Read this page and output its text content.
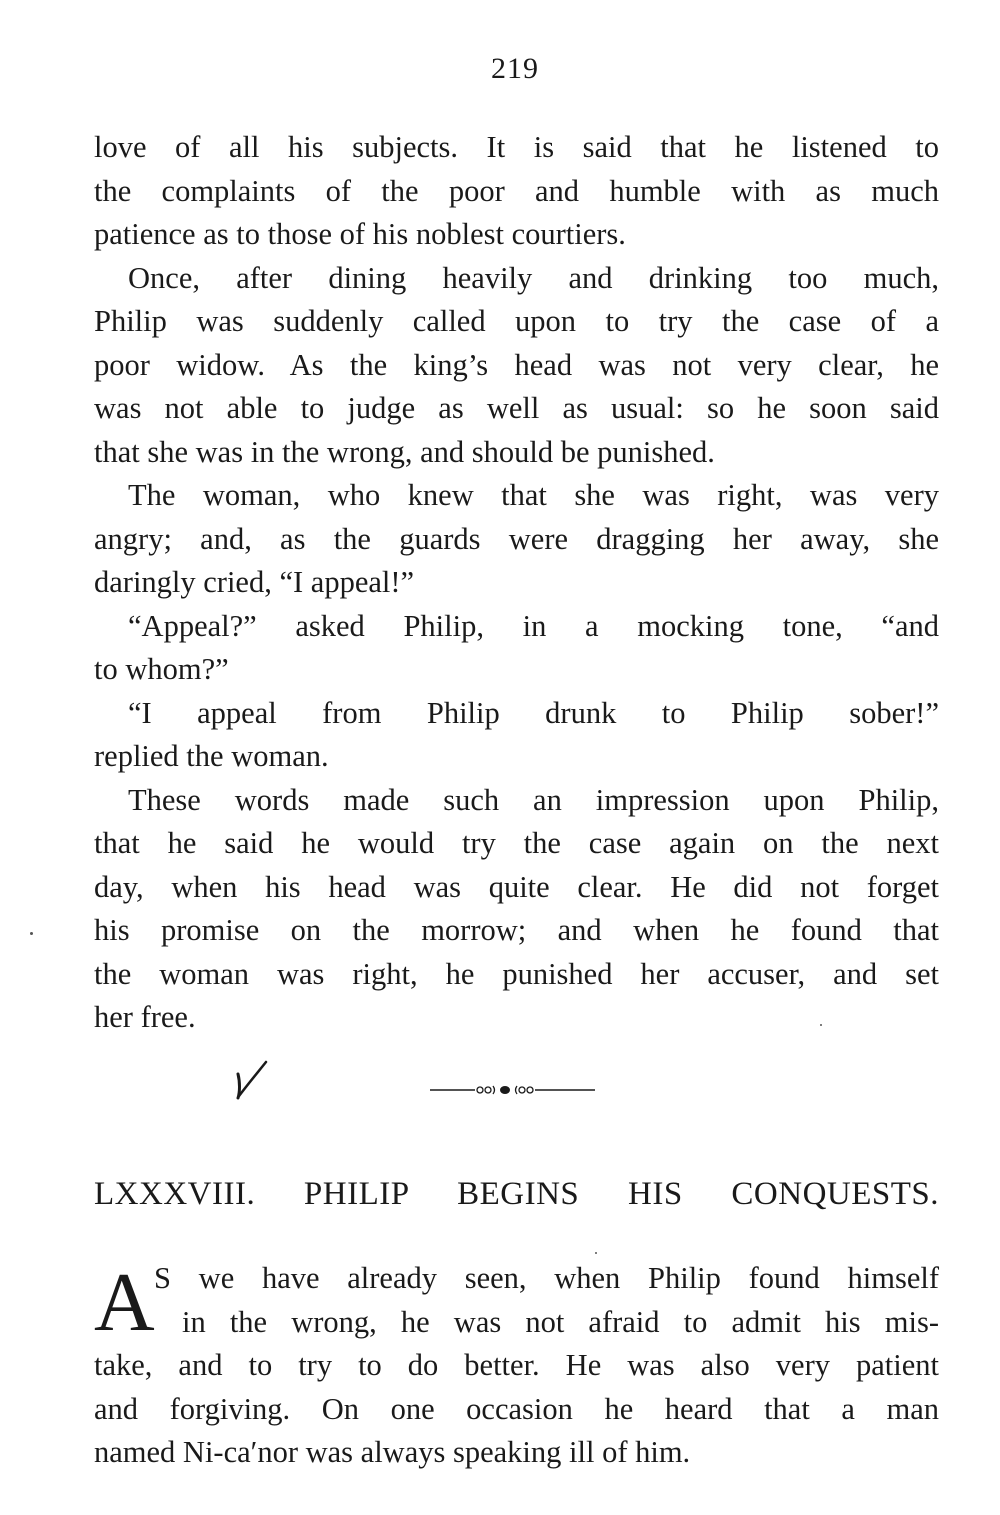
219
love of all his subjects. It is said that he listened to
the complaints of the poor and humble with as much
patience as to those of his noblest courtiers.
Once, after dining heavily and drinking too much,
Philip was suddenly called upon to try the case of a
poor widow. As the king’s head was not very clear, he
was not able to judge as well as usual: so he soon said
that she was in the wrong, and should be punished.
The woman, who knew that she was right, was very
angry; and, as the guards were dragging her away, she
daringly cried, “I appeal!”
“Appeal?” asked Philip, in a mocking tone, “and
to whom?”
“I appeal from Philip drunk to Philip sober!”
replied the woman.
These words made such an impression upon Philip,
that he said he would try the case again on the next
day, when his head was quite clear. He did not forget
his promise on the morrow; and when he found that
the woman was right, he punished her accuser, and set
her free.
LXXXVIII. PHILIP BEGINS HIS CONQUESTS.
A S we have already seen, when Philip found himself
in the wrong, he was not afraid to admit his mis-
take, and to try to do better. He was also very patient
and forgiving. On one occasion he heard that a man
named Ni-ca′nor was always speaking ill of him.
